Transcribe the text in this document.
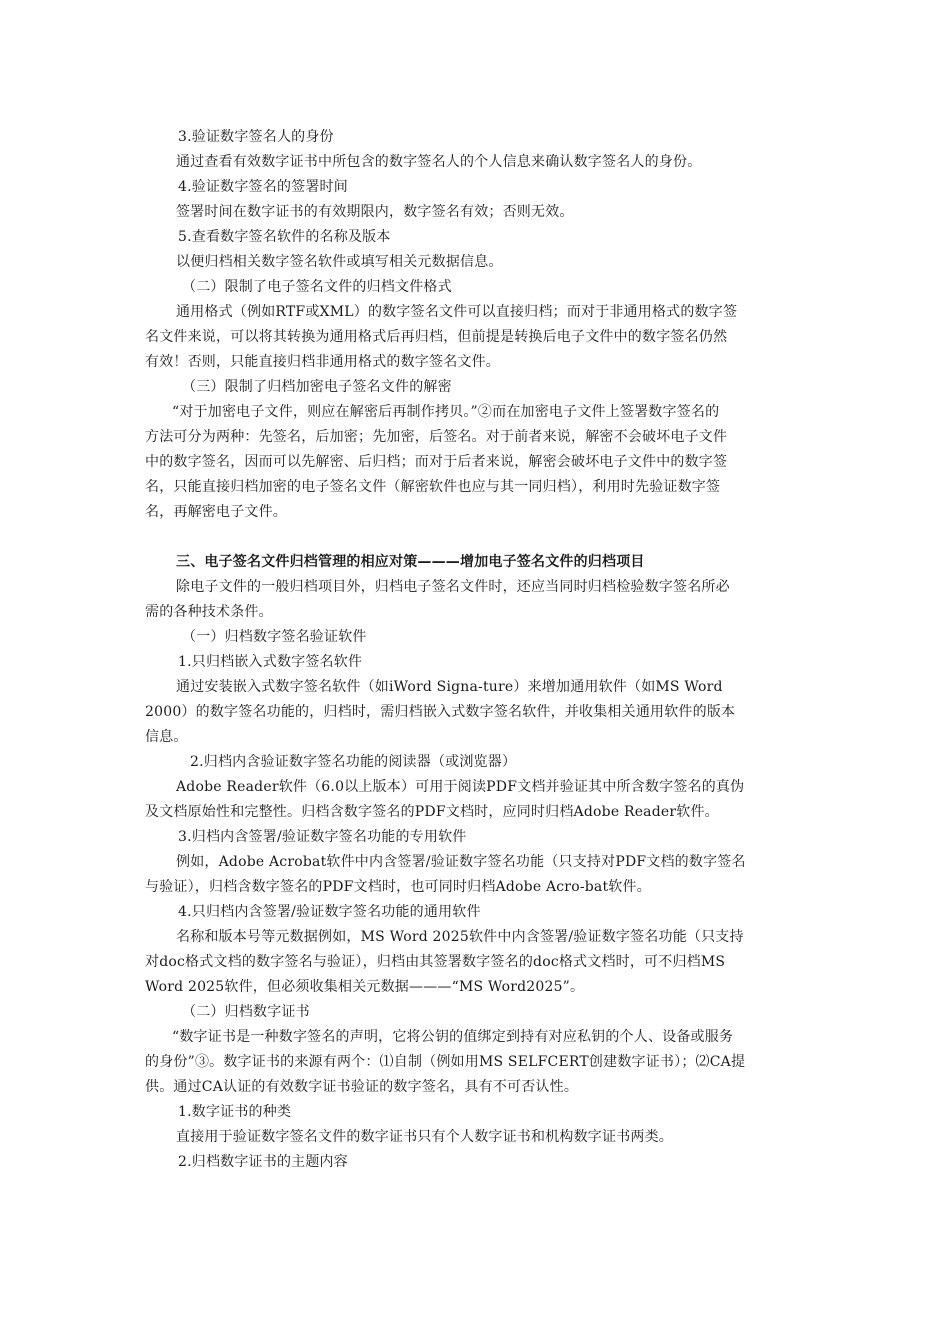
3.验证数字签名人的身份
通过查看有效数字证书中所包含的数字签名人的个人信息来确认数字签名人的身份。
4.验证数字签名的签署时间
签署时间在数字证书的有效期限内，数字签名有效；否则无效。
5.查看数字签名软件的名称及版本
以便归档相关数字签名软件或填写相关元数据信息。
（二）限制了电子签名文件的归档文件格式
通用格式（例如RTF或XML）的数字签名文件可以直接归档；而对于非通用格式的数字签
名文件来说，可以将其转换为通用格式后再归档，但前提是转换后电子文件中的数字签名仍然
有效！否则，只能直接归档非通用格式的数字签名文件。
（三）限制了归档加密电子签名文件的解密
“对于加密电子文件，则应在解密后再制作拷贝。”②而在加密电子文件上签署数字签名的
方法可分为两种：先签名，后加密；先加密，后签名。对于前者来说，解密不会破坏电子文件
中的数字签名，因而可以先解密、后归档；而对于后者来说，解密会破坏电子文件中的数字签
名，只能直接归档加密的电子签名文件（解密软件也应与其一同归档），利用时先验证数字签
名，再解密电子文件。
三、电子签名文件归档管理的相应对策———增加电子签名文件的归档项目
除电子文件的一般归档项目外，归档电子签名文件时，还应当同时归档检验数字签名所必
需的各种技术条件。
（一）归档数字签名验证软件
1.只归档嵌入式数字签名软件
通过安装嵌入式数字签名软件（如iWord Signa-ture）来增加通用软件（如MS Word
2000）的数字签名功能的，归档时，需归档嵌入式数字签名软件，并收集相关通用软件的版本
信息。
2.归档内含验证数字签名功能的阅读器（或浏览器）
Adobe Reader软件（6.0以上版本）可用于阅读PDF文档并验证其中所含数字签名的真伪
及文档原始性和完整性。归档含数字签名的PDF文档时，应同时归档Adobe Reader软件。
3.归档内含签署/验证数字签名功能的专用软件
例如，Adobe Acrobat软件中内含签署/验证数字签名功能（只支持对PDF文档的数字签名
与验证），归档含数字签名的PDF文档时，也可同时归档Adobe Acro-bat软件。
4.只归档内含签署/验证数字签名功能的通用软件
名称和版本号等元数据例如，MS Word 2025软件中内含签署/验证数字签名功能（只支持
对doc格式文档的数字签名与验证），归档由其签署数字签名的doc格式文档时，可不归档MS
Word 2025软件，但必须收集相关元数据———“MS Word2025”。
（二）归档数字证书
“数字证书是一种数字签名的声明，它将公钥的值绑定到持有对应私钥的个人、设备或服务
的身份”③。数字证书的来源有两个：⑴自制（例如用MS SELFCERT创建数字证书）；⑵CA提
供。通过CA认证的有效数字证书验证的数字签名，具有不可否认性。
1.数字证书的种类
直接用于验证数字签名文件的数字证书只有个人数字证书和机构数字证书两类。
2.归档数字证书的主题内容
